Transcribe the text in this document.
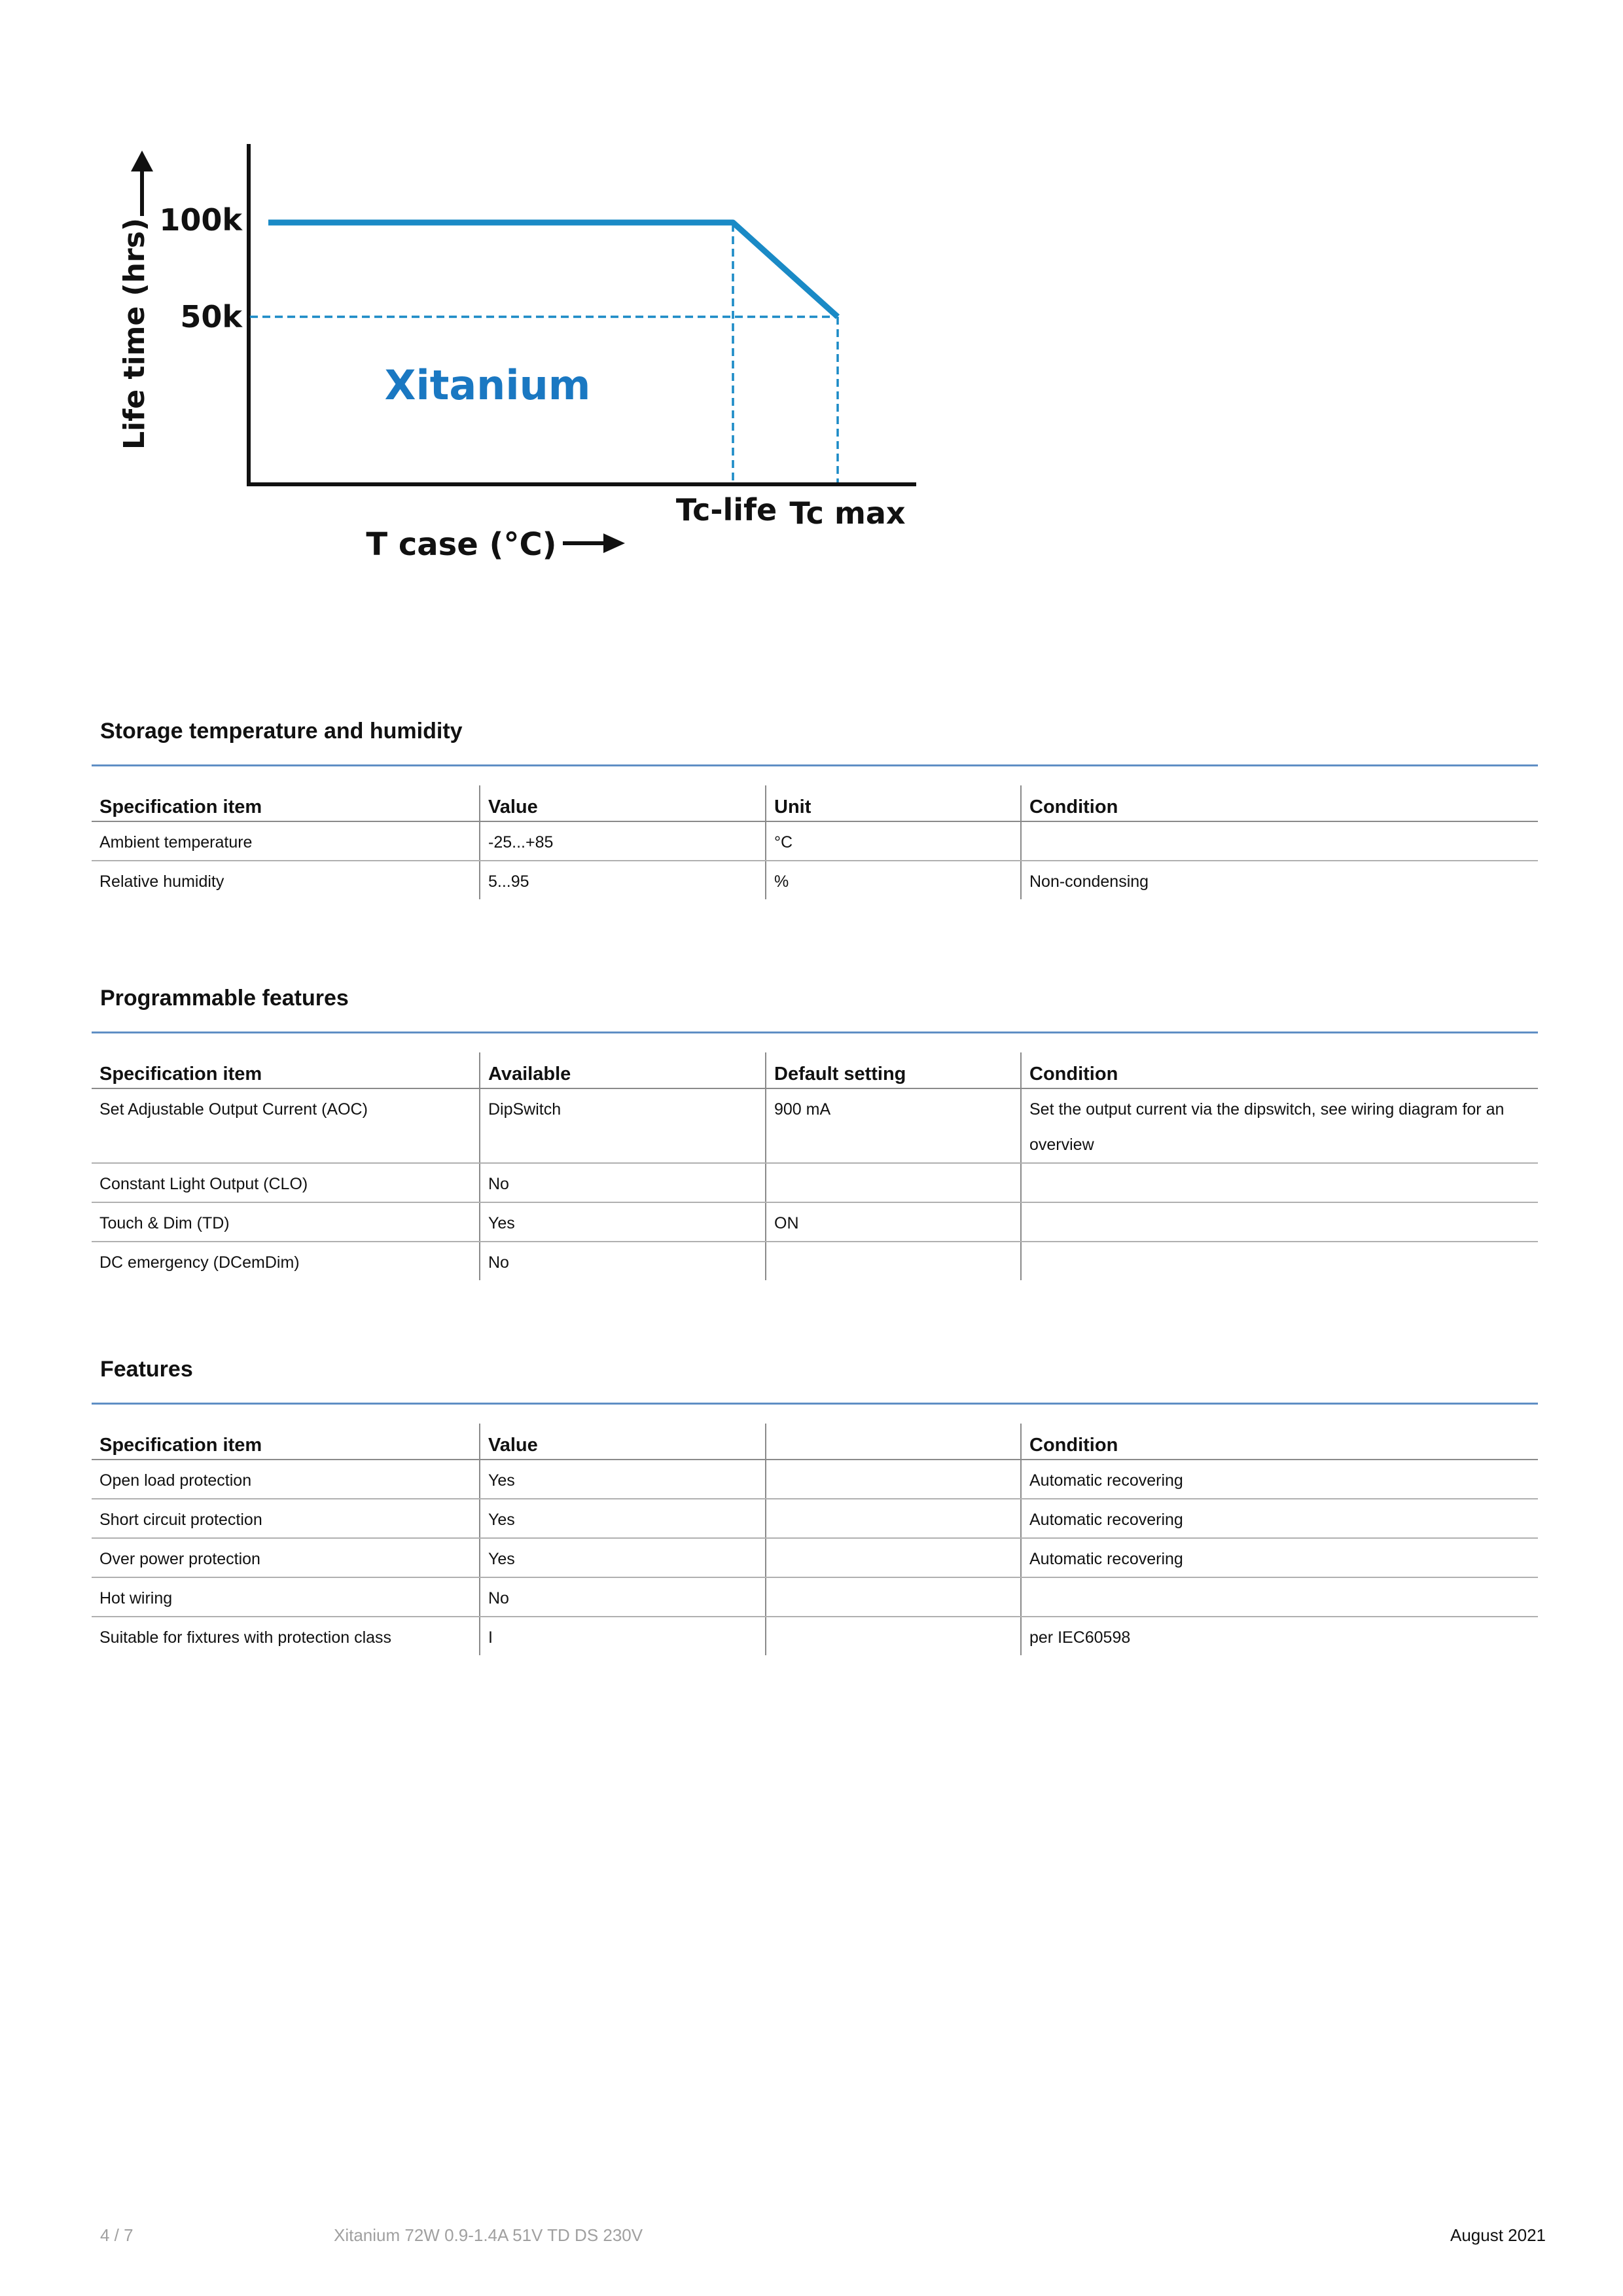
Life time (hrs) 100k
50k
Xitanium
Tc-life Tc max
T case (°C)
Storage temperature and humidity
Specification item	Value	Unit	Condition
Ambient temperature	-25...+85	°C	
Relative humidity	5...95	%	Non-condensing
Programmable features
Specification item	Available	Default setting	Condition
Set Adjustable Output Current (AOC)	DipSwitch	900 mA	Set the output current via the dipswitch, see wiring diagram for an overview
Constant Light Output (CLO)	No		
Touch & Dim (TD)	Yes	ON	
DC emergency (DCemDim)	No		
Features
Specification item	Value		Condition
Open load protection	Yes		Automatic recovering
Short circuit protection	Yes		Automatic recovering
Over power protection	Yes		Automatic recovering
Hot wiring	No		
Suitable for fixtures with protection class	I		per IEC60598
4 / 7	Xitanium 72W 0.9-1.4A 51V TD DS 230V	August 2021
